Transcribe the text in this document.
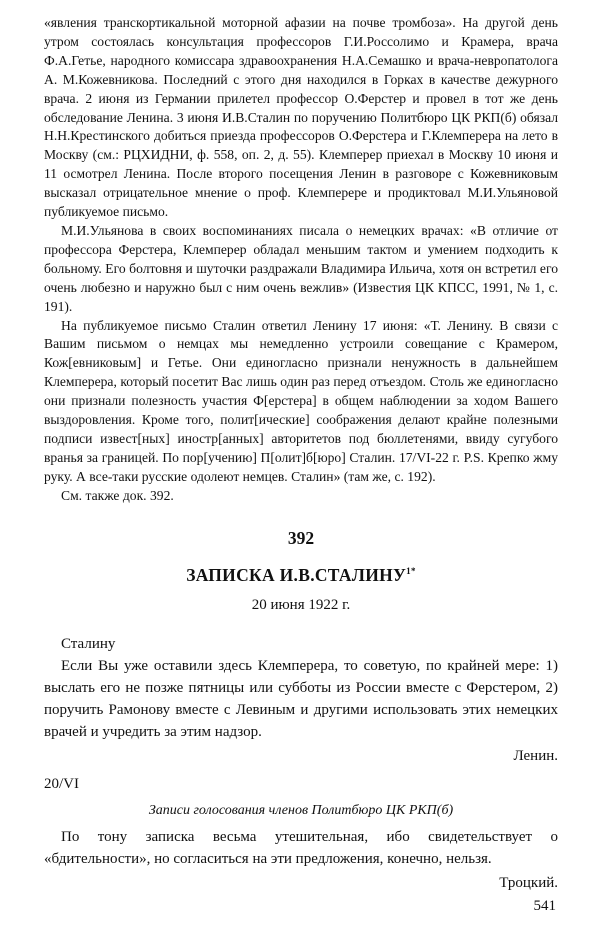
«явления транскортикальной моторной афазии на почве тромбоза». На другой день утром состоялась консультация профессоров Г.И.Россолимо и Крамера, врача Ф.А.Гетье, народного комиссара здравоохранения Н.А.Семашко и врача-невропатолога А. М.Кожевникова. Последний с этого дня находился в Горках в качестве дежурного врача. 2 июня из Германии прилетел профессор О.Ферстер и провел в тот же день обследование Ленина. 3 июня И.В.Сталин по поручению Политбюро ЦК РКП(б) обязал Н.Н.Крестинского добиться приезда профессоров О.Ферстера и Г.Клемперера на лето в Москву (см.: РЦХИДНИ, ф. 558, оп. 2, д. 55). Клемперер приехал в Москву 10 июня и 11 осмотрел Ленина. После второго посещения Ленин в разговоре с Кожевниковым высказал отрицательное мнение о проф. Клемперере и продиктовал М.И.Ульяновой публикуемое письмо.

М.И.Ульянова в своих воспоминаниях писала о немецких врачах: «В отличие от профессора Ферстера, Клемперер обладал меньшим тактом и умением подходить к больному. Его болтовня и шуточки раздражали Владимира Ильича, хотя он встретил его очень любезно и наружно был с ним очень вежлив» (Известия ЦК КПСС, 1991, № 1, с. 191).

На публикуемое письмо Сталин ответил Ленину 17 июня: «Т. Ленину. В связи с Вашим письмом о немцах мы немедленно устроили совещание с Крамером, Кож[евниковым] и Гетье. Они единогласно признали ненужность в дальнейшем Клемперера, который посетит Вас лишь один раз перед отъездом. Столь же единогласно они признали полезность участия Ф[ерстера] в общем наблюдении за ходом Вашего выздоровления. Кроме того, полит[ические] соображения делают крайне полезными подписи извест[ных] иностр[анных] авторитетов под бюллетенями, ввиду сугубого вранья за границей. По пор[учению] П[олит]б[юро] Сталин. 17/VI-22 г. P.S. Крепко жму руку. А все-таки русские одолеют немцев. Сталин» (там же, с. 192).

См. также док. 392.

392
ЗАПИСКА $И.В.СТАЛИНУ^{1*}$
20 июня 1922 г.

Сталину

Если Вы уже оставили здесь Клемперера, то советую, по крайней мере: 1) выслать его не позже пятницы или субботы из России вместе с Ферстером, 2) поручить Рамонову вместе с Левиным и другими использовать этих немецких врачей и учредить за этим надзор.

Ленин.

20/VI

Записи голосования членов Политбюро ЦК РКП(б)

По тону записка весьма утешительная, ибо свидетельствует о «бдительности», но согласиться на эти предложения, конечно, нельзя.

Троцкий.

541
